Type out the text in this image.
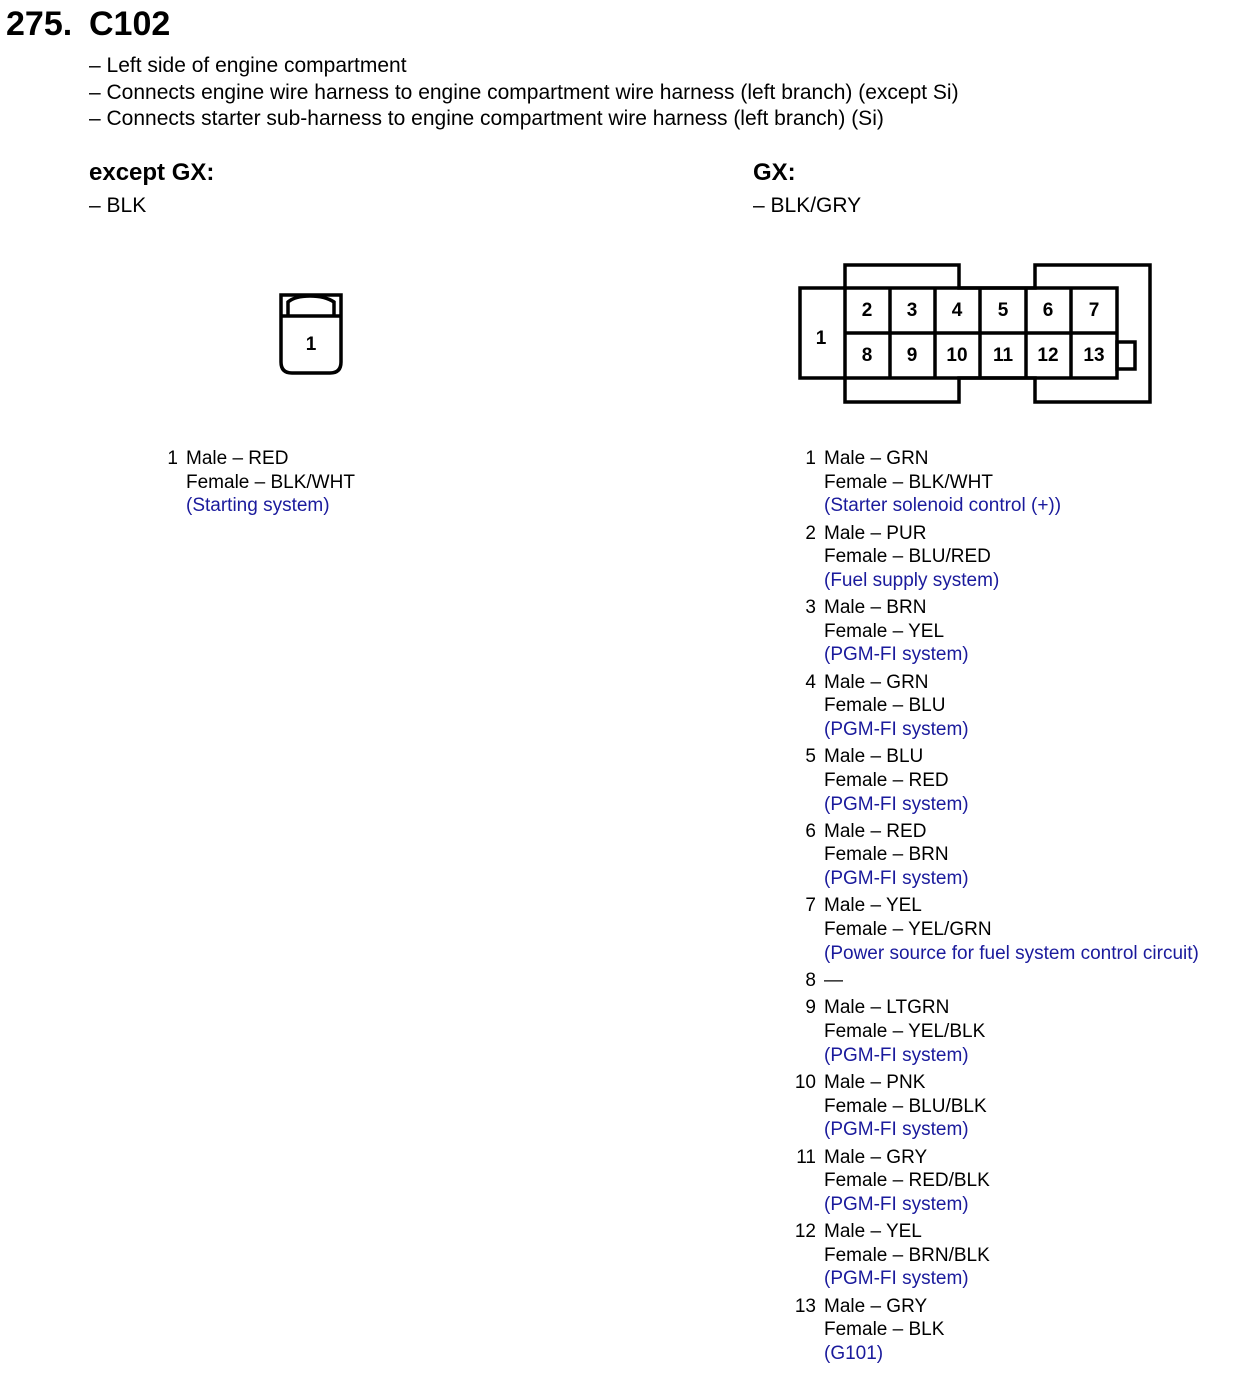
275. C102
– Left side of engine compartment
– Connects engine wire harness to engine compartment wire harness (left branch) (except Si)
– Connects starter sub-harness to engine compartment wire harness (left branch) (Si)
except GX:
– BLK
1
1 Male – RED
Female – BLK/WHT
(Starting system)
GX:
– BLK/GRY
1
2 3 4 5 6 7
8 9 10 11 12 13
1 Male – GRN
Female – BLK/WHT
(Starter solenoid control (+))
2 Male – PUR
Female – BLU/RED
(Fuel supply system)
3 Male – BRN
Female – YEL
(PGM-FI system)
4 Male – GRN
Female – BLU
(PGM-FI system)
5 Male – BLU
Female – RED
(PGM-FI system)
6 Male – RED
Female – BRN
(PGM-FI system)
7 Male – YEL
Female – YEL/GRN
(Power source for fuel system control circuit)
8 —
9 Male – LTGRN
Female – YEL/BLK
(PGM-FI system)
10 Male – PNK
Female – BLU/BLK
(PGM-FI system)
11 Male – GRY
Female – RED/BLK
(PGM-FI system)
12 Male – YEL
Female – BRN/BLK
(PGM-FI system)
13 Male – GRY
Female – BLK
(G101)
